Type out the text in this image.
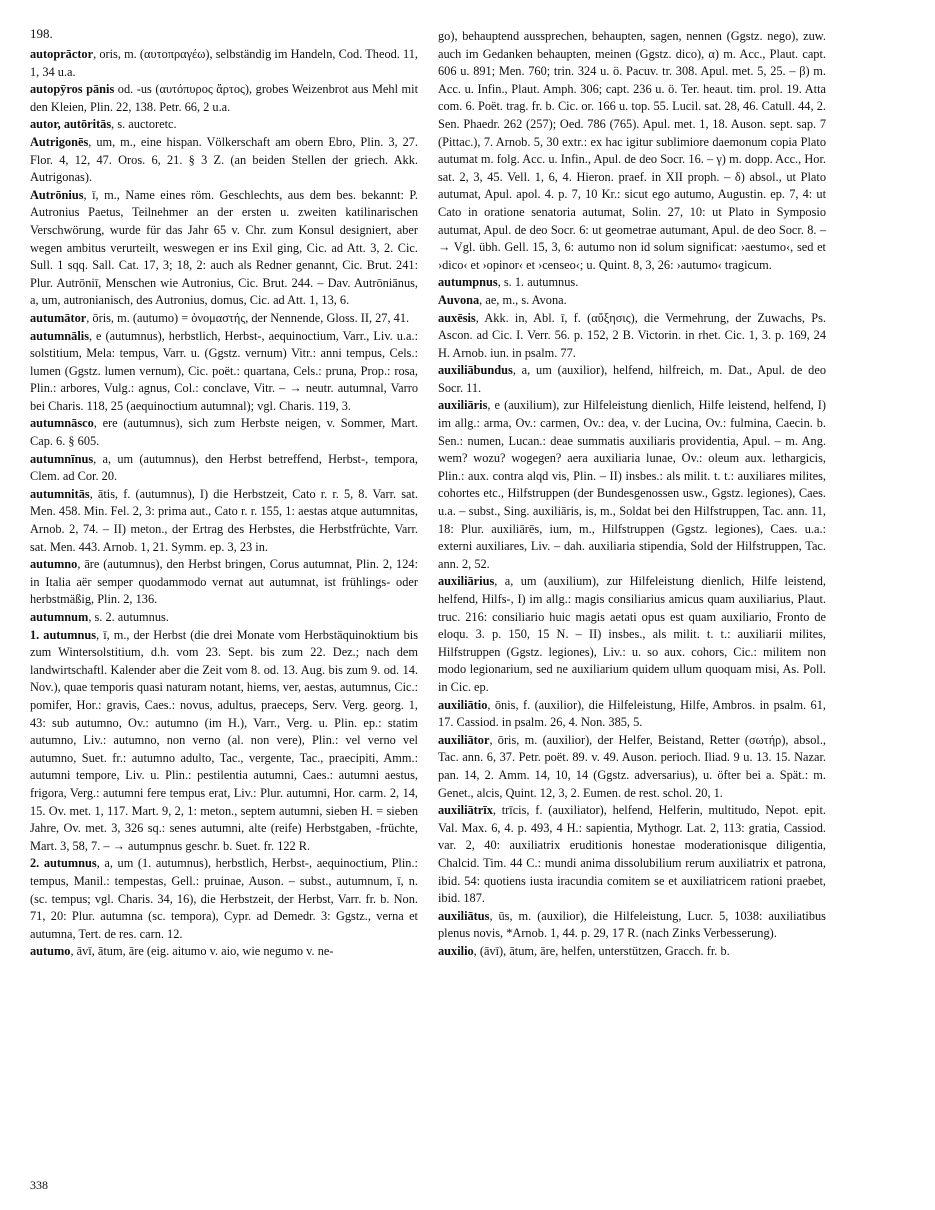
198.

autoprāctor, oris, m. (αυτοπραγέω), selbständig im Handeln, Cod. Theod. 11, 1, 34 u.a.

autopȳros pānis od. -us (αυτόπυρος ἄρτος), grobes Weizenbrot aus Mehl mit den Kleien, Plin. 22, 138. Petr. 66, 2 u.a.

autor, autōritās, s. auctoretc.

Autrigonēs, um, m., eine hispan. Völkerschaft am obern Ebro, Plin. 3, 27. Flor. 4, 12, 47. Oros. 6, 21. § 3 Z. (an beiden Stellen der griech. Akk. Autrigonas).

Autrōnius, ī, m., Name eines röm. Geschlechts, aus dem bes. bekannt: P. Autronius Paetus, Teilnehmer an der ersten u. zweiten katilinarischen Verschwörung, wurde für das Jahr 65 v. Chr. zum Konsul designiert, aber wegen ambitus verurteilt, weswegen er ins Exil ging, Cic. ad Att. 3, 2. Cic. Sull. 1 sqq. Sall. Cat. 17, 3; 18, 2: auch als Redner genannt, Cic. Brut. 241: Plur. Autrōniī, Menschen wie Autronius, Cic. Brut. 244. – Dav. Autrōniānus, a, um, autronianisch, des Autronius, domus, Cic. ad Att. 1, 13, 6.

autumātor, ōris, m. (autumo) = ὀνομαστής, der Nennende, Gloss. II, 27, 41.

autumnālis, e (autumnus), herbstlich, Herbst-, aequinoctium, Varr., Liv. u.a.: solstitium, Mela: tempus, Varr. u. (Ggstz. vernum) Vitr.: anni tempus, Cels.: lumen (Ggstz. lumen vernum), Cic. poët.: quartana, Cels.: pruna, Prop.: rosa, Plin.: arbores, Vulg.: agnus, Col.: conclave, Vitr. – → neutr. autumnal, Varro bei Charis. 118, 25 (aequinoctium autumnal); vgl. Charis. 119, 3.

autumnāsco, ere (autumnus), sich zum Herbste neigen, v. Sommer, Mart. Cap. 6. § 605.

autumnīnus, a, um (autumnus), den Herbst betreffend, Herbst-, tempora, Clem. ad Cor. 20.

autumnitās, ātis, f. (autumnus), I) die Herbstzeit, Cato r. r. 5, 8. Varr. sat. Men. 458. Min. Fel. 2, 3: prima aut., Cato r. r. 155, 1: aestas atque autumnitas, Arnob. 2, 74. – II) meton., der Ertrag des Herbstes, die Herbstfrüchte, Varr. sat. Men. 443. Arnob. 1, 21. Symm. ep. 3, 23 in.

autumno, āre (autumnus), den Herbst bringen, Corus autumnat, Plin. 2, 124: in Italia aër semper quodammodo vernat aut autumnat, ist frühlings- oder herbstmäßig, Plin. 2, 136.

autumnum, s. 2. autumnus.

1. autumnus, ī, m., der Herbst (die drei Monate vom Herbstäquinoktium bis zum Wintersolstitium, d.h. vom 23. Sept. bis zum 22. Dez.; nach dem landwirtschaftl. Kalender aber die Zeit vom 8. od. 13. Aug. bis zum 9. od. 14. Nov.), quae temporis quasi naturam notant, hiems, ver, aestas, autumnus, Cic.: pomifer, Hor.: gravis, Caes.: novus, adultus, praeceps, Serv. Verg. georg. 1, 43: sub autumno, Ov.: autumno (im H.), Varr., Verg. u. Plin. ep.: statim autumno, Liv.: autumno, non verno (al. non vere), Plin.: vel verno vel autumno, Suet. fr.: autumno adulto, Tac., vergente, Tac., praecipiti, Amm.: autumni tempore, Liv. u. Plin.: pestilentia autumni, Caes.: autumni aestus, frigora, Verg.: autumni fere tempus erat, Liv.: Plur. autumni, Hor. carm. 2, 14, 15. Ov. met. 1, 117. Mart. 9, 2, 1: meton., septem autumni, sieben H. = sieben Jahre, Ov. met. 3, 326 sq.: senes autumni, alte (reife) Herbstgaben, -früchte, Mart. 3, 58, 7. – → autumpnus geschr. b. Suet. fr. 122 R.

2. autumnus, a, um (1. autumnus), herbstlich, Herbst-, aequinoctium, Plin.: tempus, Manil.: tempestas, Gell.: pruinae, Auson. – subst., autumnum, ī, n. (sc. tempus; vgl. Charis. 34, 16), die Herbstzeit, der Herbst, Varr. fr. b. Non. 71, 20: Plur. autumna (sc. tempora), Cypr. ad Demedr. 3: Ggstz., verna et autumna, Tert. de res. carn. 12.

autumo, āvī, ātum, āre (eig. aitumo v. aio, wie negumo v. ne-

go), behauptend aussprechen, behaupten, sagen, nennen (Ggstz. nego), zuw. auch im Gedanken behaupten, meinen (Ggstz. dico), α) m. Acc., Plaut. capt. 606 u. 891; Men. 760; trin. 324 u. ö. Pacuv. tr. 308. Apul. met. 5, 25. – β) m. Acc. u. Infin., Plaut. Amph. 306; capt. 236 u. ö. Ter. heaut. tim. prol. 19. Atta com. 6. Poët. trag. fr. b. Cic. or. 166 u. top. 55. Lucil. sat. 28, 46. Catull. 44, 2. Sen. Phaedr. 262 (257); Oed. 786 (765). Apul. met. 1, 18. Auson. sept. sap. 7 (Pittac.), 7. Arnob. 5, 30 extr.: ex hac igitur sublimiore daemonum copia Plato autumat m. folg. Acc. u. Infin., Apul. de deo Socr. 16. – γ) m. dopp. Acc., Hor. sat. 2, 3, 45. Vell. 1, 6, 4. Hieron. praef. in XII proph. – δ) absol., ut Plato autumat, Apul. apol. 4. p. 7, 10 Kr.: sicut ego autumo, Augustin. ep. 7, 4: ut Cato in oratione senatoria autumat, Solin. 27, 10: ut Plato in Symposio autumat, Apul. de deo Socr. 6: ut geometrae autumant, Apul. de deo Socr. 8. – → Vgl. übh. Gell. 15, 3, 6: autumo non id solum significat: ›aestumo‹, sed et ›dico‹ et ›opinor‹ et ›censeo‹; u. Quint. 8, 3, 26: ›autumo‹ tragicum.

autumpnus, s. 1. autumnus.

Auvona, ae, m., s. Avona.

auxēsis, Akk. in, Abl. ī, f. (αὔξησις), die Vermehrung, der Zuwachs, Ps. Ascon. ad Cic. I. Verr. 56. p. 152, 2 B. Victorin. in rhet. Cic. 1, 3. p. 169, 24 H. Arnob. iun. in psalm. 77.

auxiliābundus, a, um (auxilior), helfend, hilfreich, m. Dat., Apul. de deo Socr. 11.

auxiliāris, e (auxilium), zur Hilfeleistung dienlich, Hilfe leistend, helfend, I) im allg.: arma, Ov.: carmen, Ov.: dea, v. der Lucina, Ov.: fulmina, Caecin. b. Sen.: numen, Lucan.: deae summatis auxiliaris providentia, Apul. – m. Ang. wem? wozu? wogegen? aera auxiliaria lunae, Ov.: oleum aux. lethargicis, Plin.: aux. contra alqd vis, Plin. – II) insbes.: als milit. t. t.: auxiliares milites, cohortes etc., Hilfstruppen (der Bundesgenossen usw., Ggstz. legiones), Caes. u.a. – subst., Sing. auxiliāris, is, m., Soldat bei den Hilfstruppen, Tac. ann. 11, 18: Plur. auxiliārēs, ium, m., Hilfstruppen (Ggstz. legiones), Caes. u.a.: externi auxiliares, Liv. – dah. auxiliaria stipendia, Sold der Hilfstruppen, Tac. ann. 2, 52.

auxiliārius, a, um (auxilium), zur Hilfeleistung dienlich, Hilfe leistend, helfend, Hilfs-, I) im allg.: magis consiliarius amicus quam auxiliarius, Plaut. truc. 216: consiliario huic magis aetati opus est quam auxiliario, Fronto de eloqu. 3. p. 150, 15 N. – II) insbes., als milit. t. t.: auxiliarii milites, Hilfstruppen (Ggstz. legiones), Liv.: u. so aux. cohors, Cic.: militem non modo legionarium, sed ne auxiliarium quidem ullum quoquam misi, As. Poll. in Cic. ep.

auxiliātio, ōnis, f. (auxilior), die Hilfeleistung, Hilfe, Ambros. in psalm. 61, 17. Cassiod. in psalm. 26, 4. Non. 385, 5.

auxiliātor, ōris, m. (auxilior), der Helfer, Beistand, Retter (σωτήρ), absol., Tac. ann. 6, 37. Petr. poët. 89. v. 49. Auson. perioch. Iliad. 9 u. 13. 15. Nazar. pan. 14, 2. Amm. 14, 10, 14 (Ggstz. adversarius), u. öfter bei a. Spät.: m. Genet., alcis, Quint. 12, 3, 2. Eumen. de rest. schol. 20, 1.

auxiliātrīx, trīcis, f. (auxiliator), helfend, Helferin, multitudo, Nepot. epit. Val. Max. 6, 4. p. 493, 4 H.: sapientia, Mythogr. Lat. 2, 113: gratia, Cassiod. var. 2, 40: auxiliatrix eruditionis honestae moderationisque diligentia, Chalcid. Tim. 44 C.: mundi anima dissolubilium rerum auxiliatrix et patrona, ibid. 54: quotiens iusta iracundia comitem se et auxiliatricem rationi praebet, ibid. 187.

auxiliātus, ūs, m. (auxilior), die Hilfeleistung, Lucr. 5, 1038: auxiliatibus plenus novis, *Arnob. 1, 44. p. 29, 17 R. (nach Zinks Verbesserung).

auxilio, (āvī), ātum, āre, helfen, unterstützen, Gracch. fr. b.

338
